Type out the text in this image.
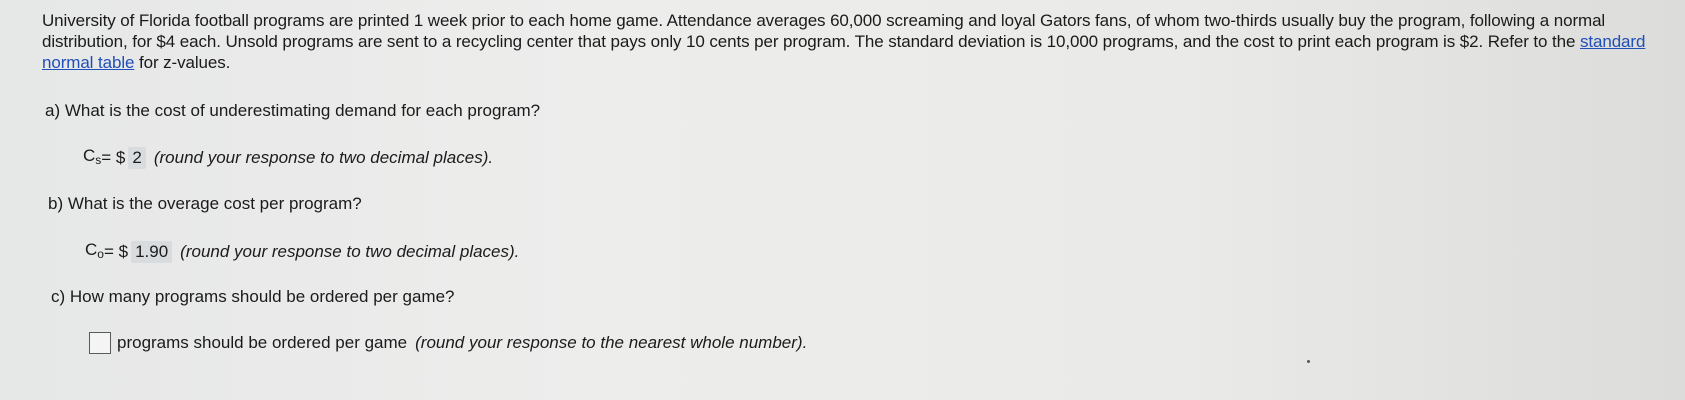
University of Florida football programs are printed 1 week prior to each home game. Attendance averages 60,000 screaming and loyal Gators fans, of whom two-thirds usually buy the program, following a normal distribution, for $4 each. Unsold programs are sent to a recycling center that pays only 10 cents per program. The standard deviation is 10,000 programs, and the cost to print each program is $2. Refer to the standard normal table for z-values.
a) What is the cost of underestimating demand for each program?
$C_s$ = $ 2 (round your response to two decimal places).
b) What is the overage cost per program?
$C_o$ = $ 1.90 (round your response to two decimal places).
c) How many programs should be ordered per game?
programs should be ordered per game (round your response to the nearest whole number).
